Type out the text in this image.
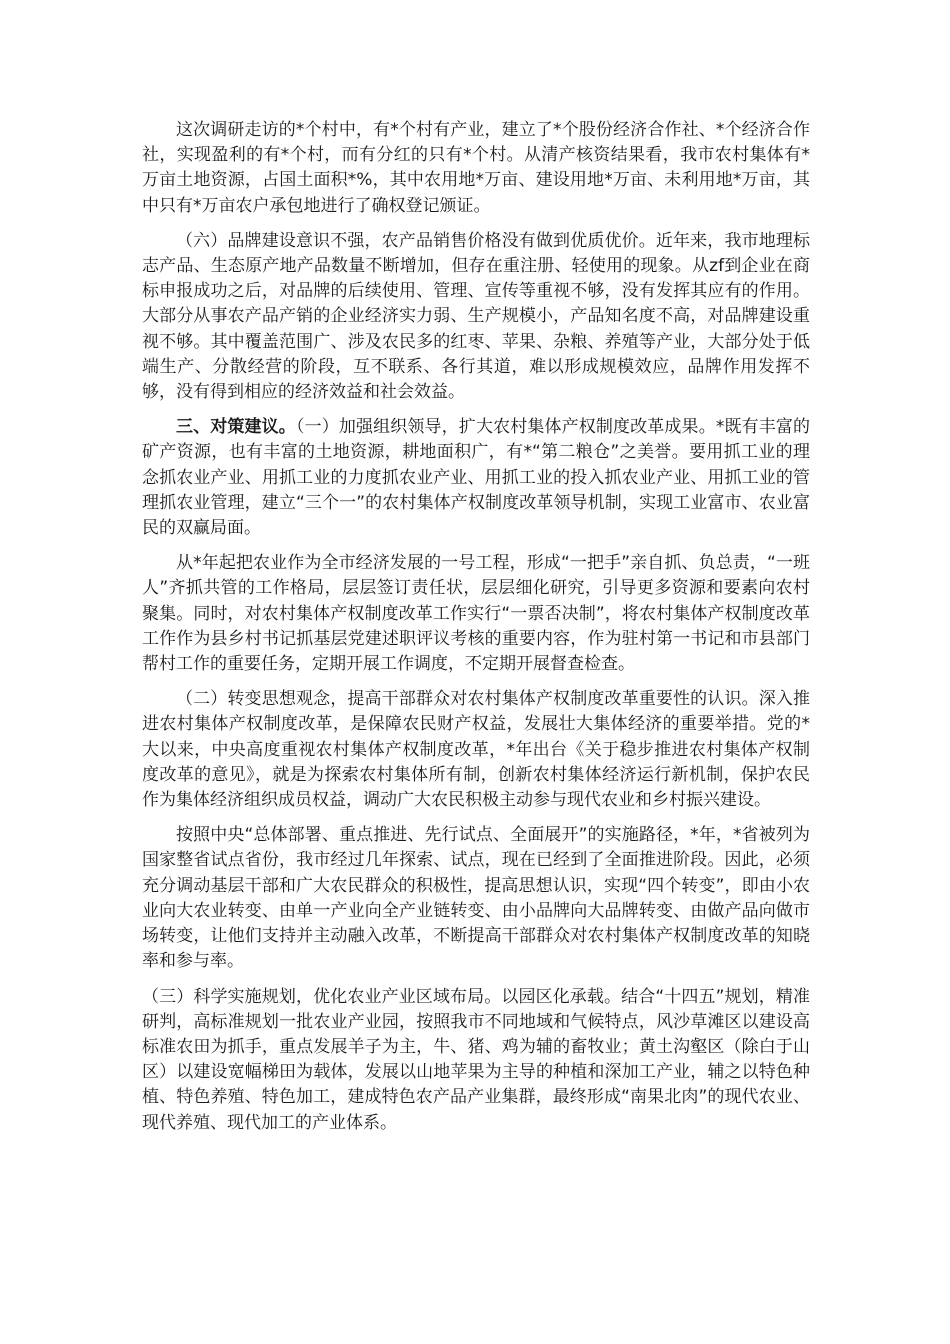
这次调研走访的*个村中，有*个村有产业，建立了*个股份经济合作社、*个经济合作社，实现盈利的有*个村，而有分红的只有*个村。从清产核资结果看，我市农村集体有*万亩土地资源，占国土面积*%，其中农用地*万亩、建设用地*万亩、未利用地*万亩，其中只有*万亩农户承包地进行了确权登记颁证。

（六）品牌建设意识不强，农产品销售价格没有做到优质优价。近年来，我市地理标志产品、生态原产地产品数量不断增加，但存在重注册、轻使用的现象。从zf到企业在商标申报成功之后，对品牌的后续使用、管理、宣传等重视不够，没有发挥其应有的作用。大部分从事农产品产销的企业经济实力弱、生产规模小，产品知名度不高，对品牌建设重视不够。其中覆盖范围广、涉及农民多的红枣、苹果、杂粮、养殖等产业，大部分处于低端生产、分散经营的阶段，互不联系、各行其道，难以形成规模效应，品牌作用发挥不够，没有得到相应的经济效益和社会效益。

三、对策建议。（一）加强组织领导，扩大农村集体产权制度改革成果。*既有丰富的矿产资源，也有丰富的土地资源，耕地面积广，有*“第二粮仓”之美誉。要用抓工业的理念抓农业产业、用抓工业的力度抓农业产业、用抓工业的投入抓农业产业、用抓工业的管理抓农业管理，建立“三个一”的农村集体产权制度改革领导机制，实现工业富市、农业富民的双赢局面。

从*年起把农业作为全市经济发展的一号工程，形成“一把手”亲自抓、负总责，“一班人”齐抓共管的工作格局，层层签订责任状，层层细化研究，引导更多资源和要素向农村聚集。同时，对农村集体产权制度改革工作实行“一票否决制”，将农村集体产权制度改革工作作为县乡村书记抓基层党建述职评议考核的重要内容，作为驻村第一书记和市县部门帮村工作的重要任务，定期开展工作调度，不定期开展督查检查。

（二）转变思想观念，提高干部群众对农村集体产权制度改革重要性的认识。深入推进农村集体产权制度改革，是保障农民财产权益，发展壮大集体经济的重要举措。党的*大以来，中央高度重视农村集体产权制度改革，*年出台《关于稳步推进农村集体产权制度改革的意见》，就是为探索农村集体所有制，创新农村集体经济运行新机制，保护农民作为集体经济组织成员权益，调动广大农民积极主动参与现代农业和乡村振兴建设。

按照中央“总体部署、重点推进、先行试点、全面展开”的实施路径，*年，*省被列为国家整省试点省份，我市经过几年探索、试点，现在已经到了全面推进阶段。因此，必须充分调动基层干部和广大农民群众的积极性，提高思想认识，实现“四个转变”，即由小农业向大农业转变、由单一产业向全产业链转变、由小品牌向大品牌转变、由做产品向做市场转变，让他们支持并主动融入改革，不断提高干部群众对农村集体产权制度改革的知晓率和参与率。

（三）科学实施规划，优化农业产业区域布局。以园区化承载。结合“十四五”规划，精准研判，高标准规划一批农业产业园，按照我市不同地域和气候特点，风沙草滩区以建设高标准农田为抓手，重点发展羊子为主，牛、猪、鸡为辅的畜牧业；黄土沟壑区（除白于山区）以建设宽幅梯田为载体，发展以山地苹果为主导的种植和深加工产业，辅之以特色种植、特色养殖、特色加工，建成特色农产品产业集群，最终形成“南果北肉”的现代农业、现代养殖、现代加工的产业体系。
